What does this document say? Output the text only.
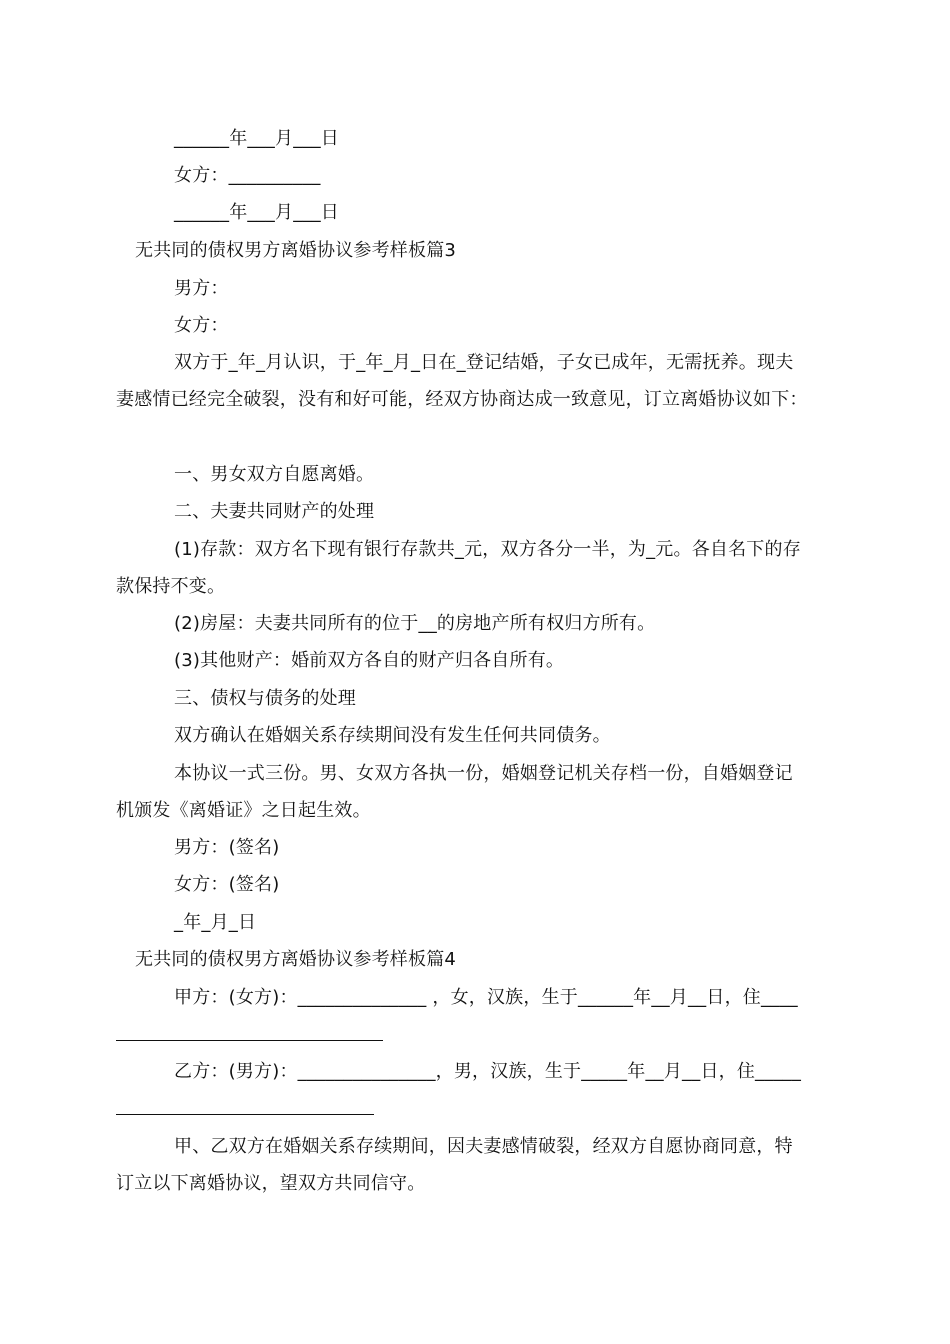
______年___月___日
女方：__________
______年___月___日
无共同的债权男方离婚协议参考样板篇3
男方：
女方：
双方于_年_月认识，于_年_月_日在_登记结婚，子女已成年，无需抚养。现夫
妻感情已经完全破裂，没有和好可能，经双方协商达成一致意见，订立离婚协议如下：
一、男女双方自愿离婚。
二、夫妻共同财产的处理
(1)存款：双方名下现有银行存款共_元，双方各分一半，为_元。各自名下的存
款保持不变。
(2)房屋：夫妻共同所有的位于__的房地产所有权归方所有。
(3)其他财产：婚前双方各自的财产归各自所有。
三、债权与债务的处理
双方确认在婚姻关系存续期间没有发生任何共同债务。
本协议一式三份。男、女双方各执一份，婚姻登记机关存档一份，自婚姻登记
机颁发《离婚证》之日起生效。
男方：(签名)
女方：(签名)
_年_月_日
无共同的债权男方离婚协议参考样板篇4
甲方：(女方)：______________ ，女，汉族，生于______年__月__日，住____
乙方：(男方)：_______________，男，汉族，生于_____年__月__日，住_____
甲、乙双方在婚姻关系存续期间，因夫妻感情破裂，经双方自愿协商同意，特
订立以下离婚协议，望双方共同信守。
